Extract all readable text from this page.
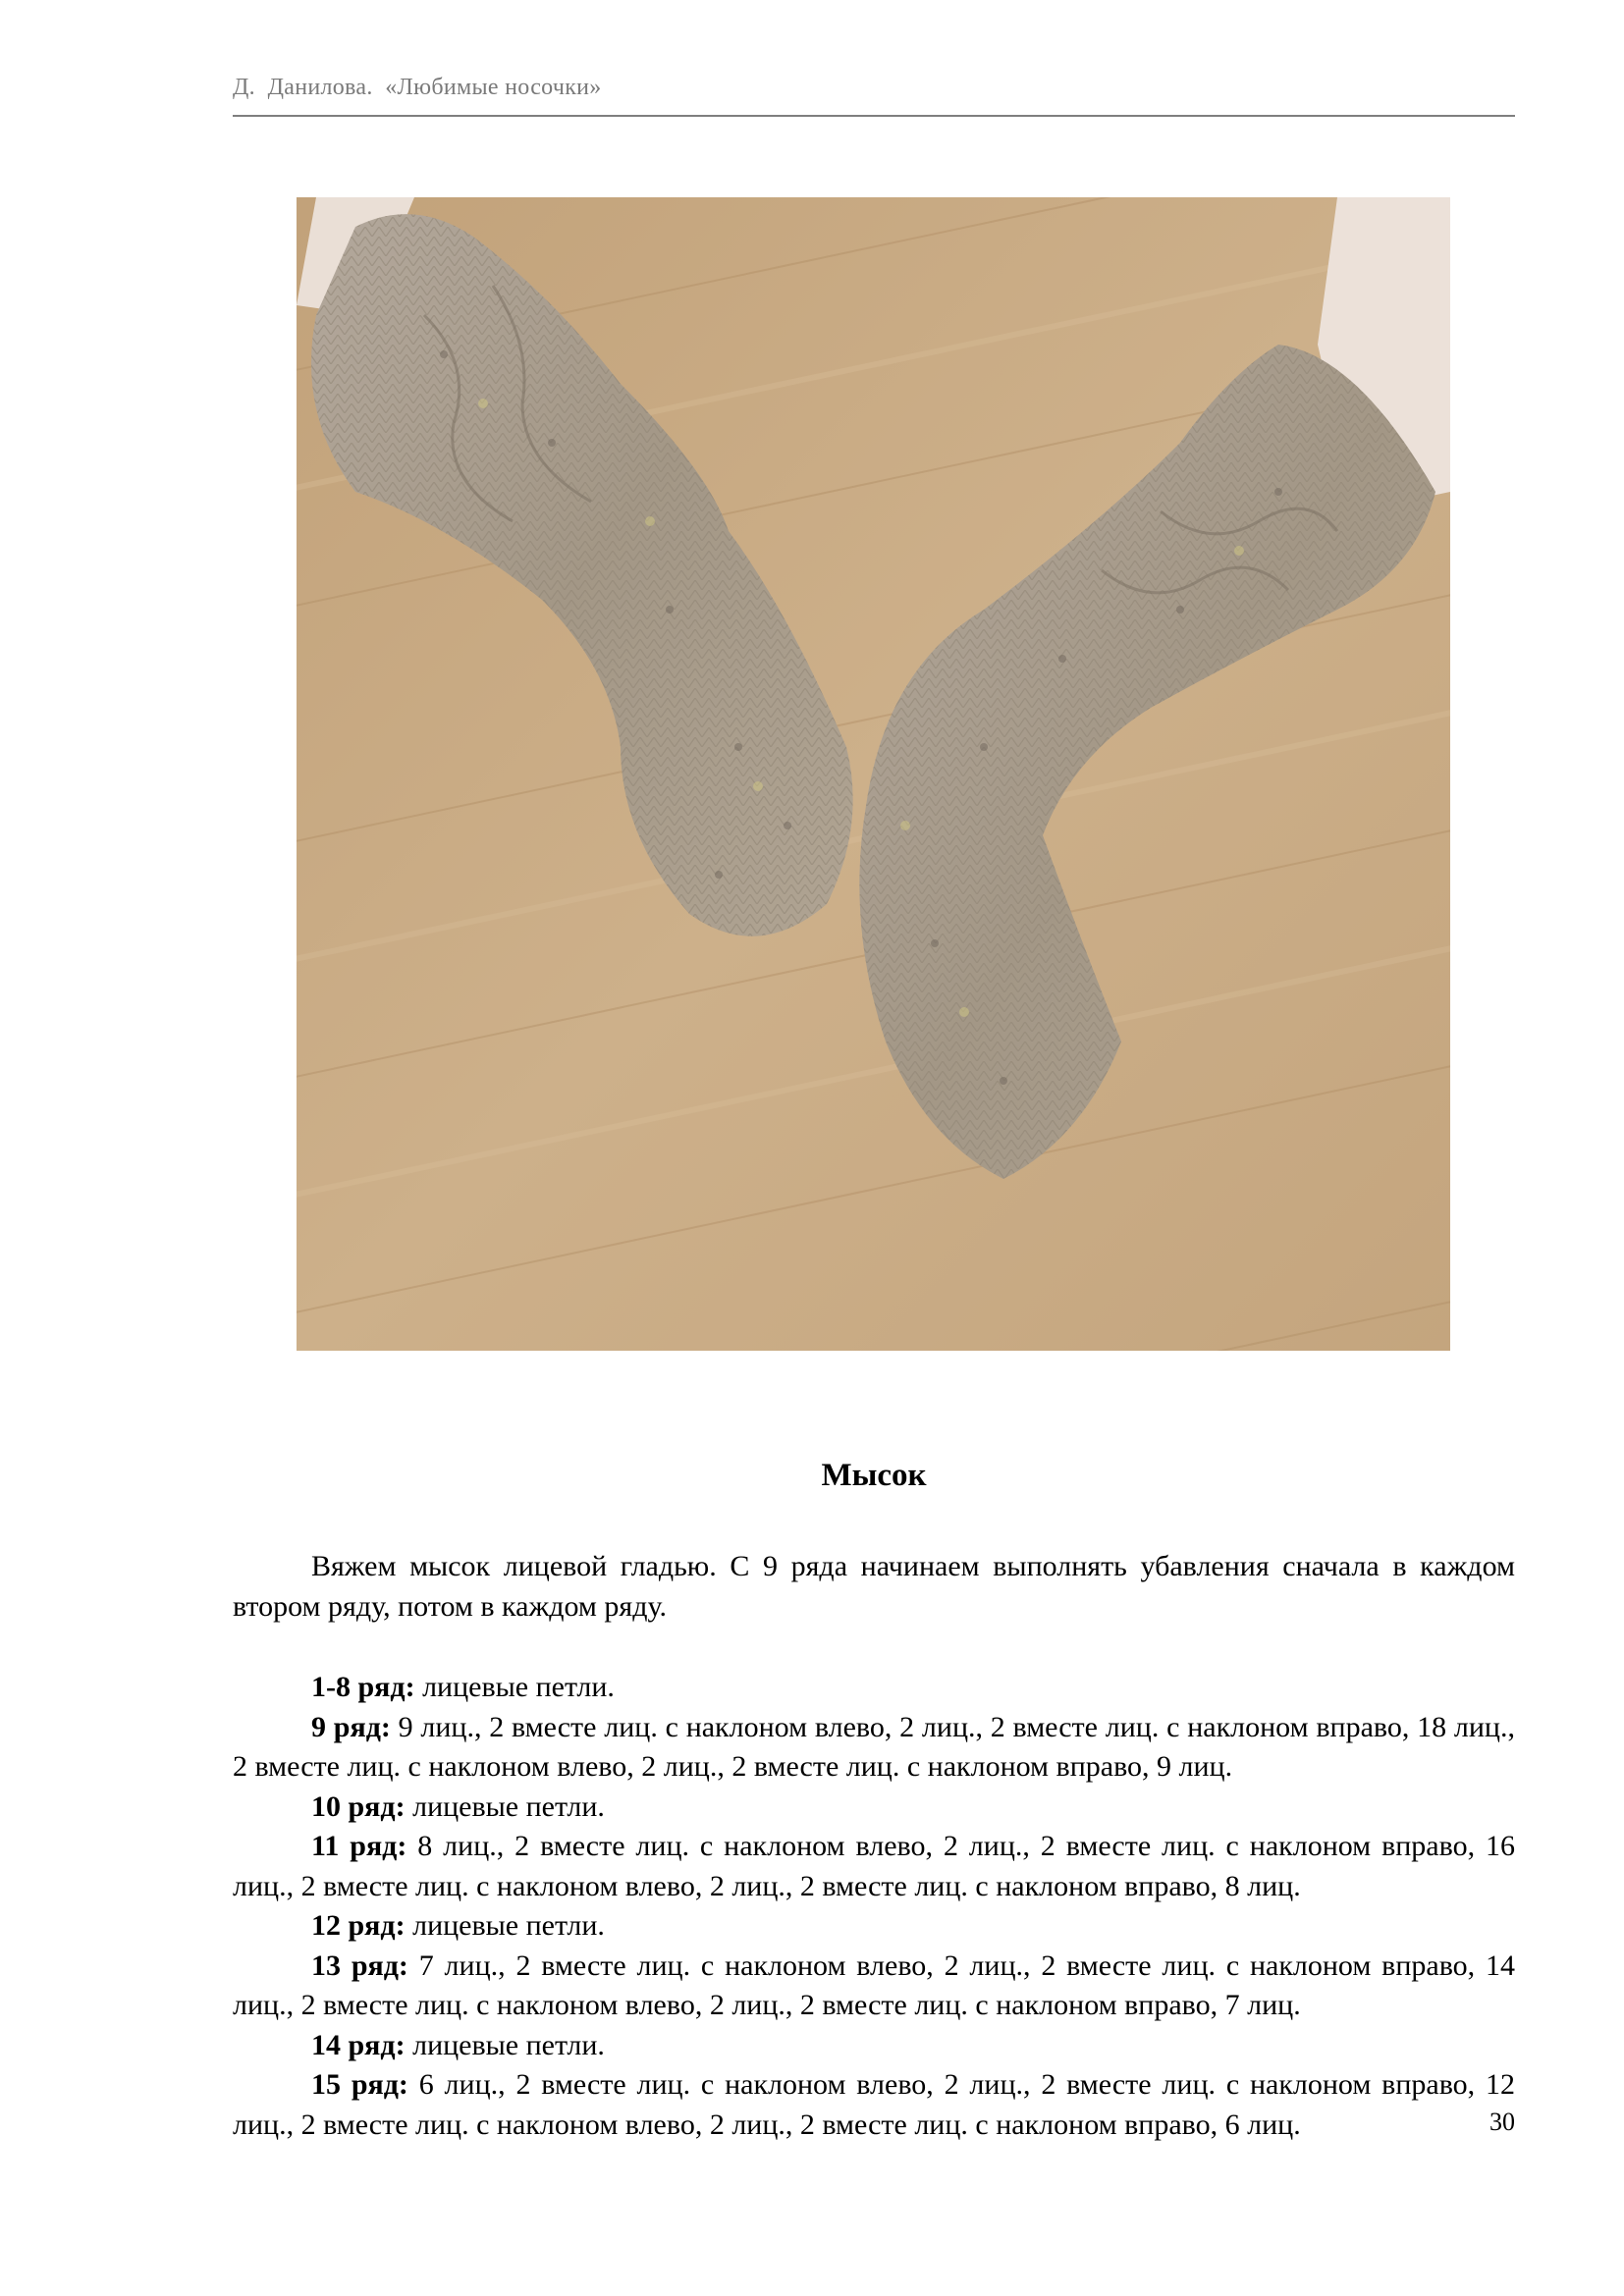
Д.  Данилова.  «Любимые носочки»
Мысок
Вяжем мысок лицевой гладью. С 9 ряда начинаем выполнять убавления сначала в каждом втором ряду, потом в каждом ряду.

1-8 ряд: лицевые петли.

9 ряд: 9 лиц., 2 вместе лиц. с наклоном влево, 2 лиц., 2 вместе лиц. с наклоном вправо, 18 лиц., 2 вместе лиц. с наклоном влево, 2 лиц., 2 вместе лиц. с наклоном вправо, 9 лиц.

10 ряд: лицевые петли.

11 ряд: 8 лиц., 2 вместе лиц. с наклоном влево, 2 лиц., 2 вместе лиц. с наклоном вправо, 16 лиц., 2 вместе лиц. с наклоном влево, 2 лиц., 2 вместе лиц. с наклоном вправо, 8 лиц.

12 ряд: лицевые петли.

13 ряд: 7 лиц., 2 вместе лиц. с наклоном влево, 2 лиц., 2 вместе лиц. с наклоном вправо, 14 лиц., 2 вместе лиц. с наклоном влево, 2 лиц., 2 вместе лиц. с наклоном вправо, 7 лиц.

14 ряд: лицевые петли.

15 ряд: 6 лиц., 2 вместе лиц. с наклоном влево, 2 лиц., 2 вместе лиц. с наклоном вправо, 12 лиц., 2 вместе лиц. с наклоном влево, 2 лиц., 2 вместе лиц. с наклоном вправо, 6 лиц.	30
